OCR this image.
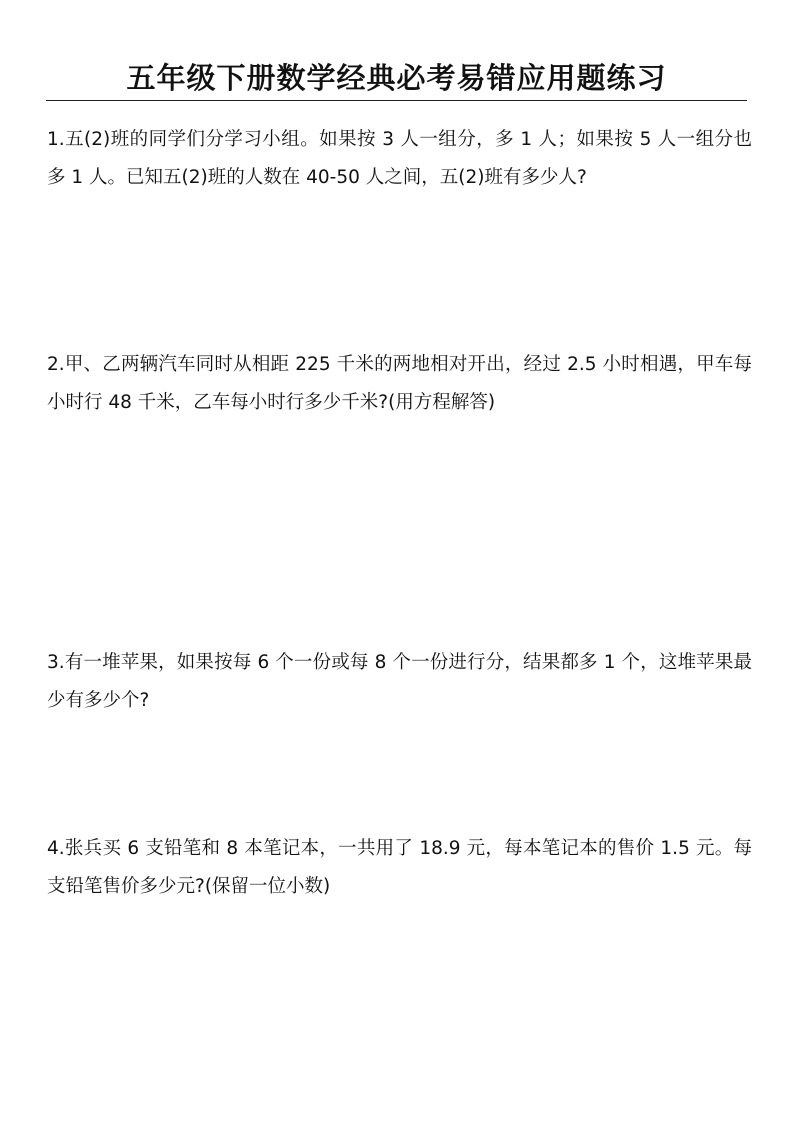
五年级下册数学经典必考易错应用题练习

1.五(2)班的同学们分学习小组。如果按 3 人一组分，多 1 人；如果按 5 人一组分也多 1 人。已知五(2)班的人数在 40-50 人之间，五(2)班有多少人?

2.甲、乙两辆汽车同时从相距 225 千米的两地相对开出，经过 2.5 小时相遇，甲车每小时行 48 千米，乙车每小时行多少千米?(用方程解答)

3.有一堆苹果，如果按每 6 个一份或每 8 个一份进行分，结果都多 1 个，这堆苹果最少有多少个?

4.张兵买 6 支铅笔和 8 本笔记本，一共用了 18.9 元，每本笔记本的售价 1.5 元。每支铅笔售价多少元?(保留一位小数)
